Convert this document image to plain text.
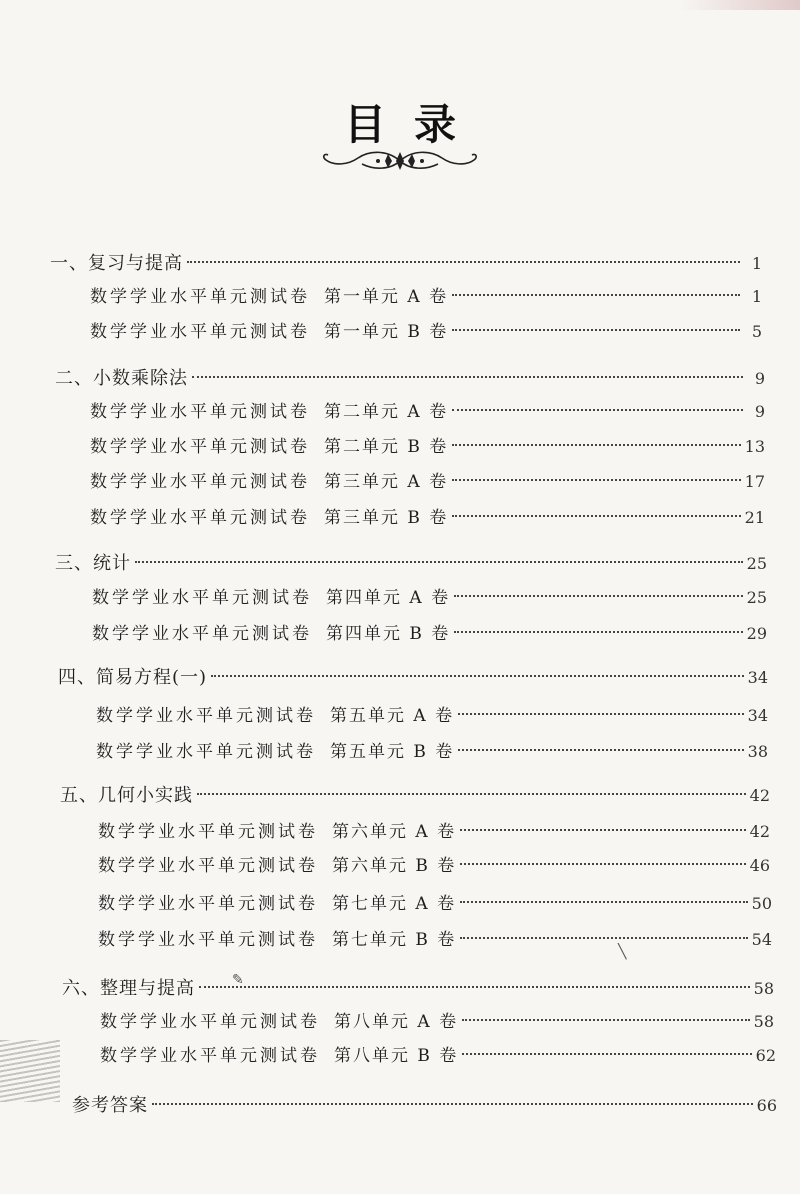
目录
一、复习与提高	1
数学学业水平单元测试卷 第一单元 A 卷	1
数学学业水平单元测试卷 第一单元 B 卷	5
二、小数乘除法	9
数学学业水平单元测试卷 第二单元 A 卷	9
数学学业水平单元测试卷 第二单元 B 卷	13
数学学业水平单元测试卷 第三单元 A 卷	17
数学学业水平单元测试卷 第三单元 B 卷	21
三、统计	25
数学学业水平单元测试卷 第四单元 A 卷	25
数学学业水平单元测试卷 第四单元 B 卷	29
四、简易方程(一)	34
数学学业水平单元测试卷 第五单元 A 卷	34
数学学业水平单元测试卷 第五单元 B 卷	38
五、几何小实践	42
数学学业水平单元测试卷 第六单元 A 卷	42
数学学业水平单元测试卷 第六单元 B 卷	46
数学学业水平单元测试卷 第七单元 A 卷	50
数学学业水平单元测试卷 第七单元 B 卷	54
六、整理与提高	58
数学学业水平单元测试卷 第八单元 A 卷	58
数学学业水平单元测试卷 第八单元 B 卷	62
参考答案	66
✎
╲
